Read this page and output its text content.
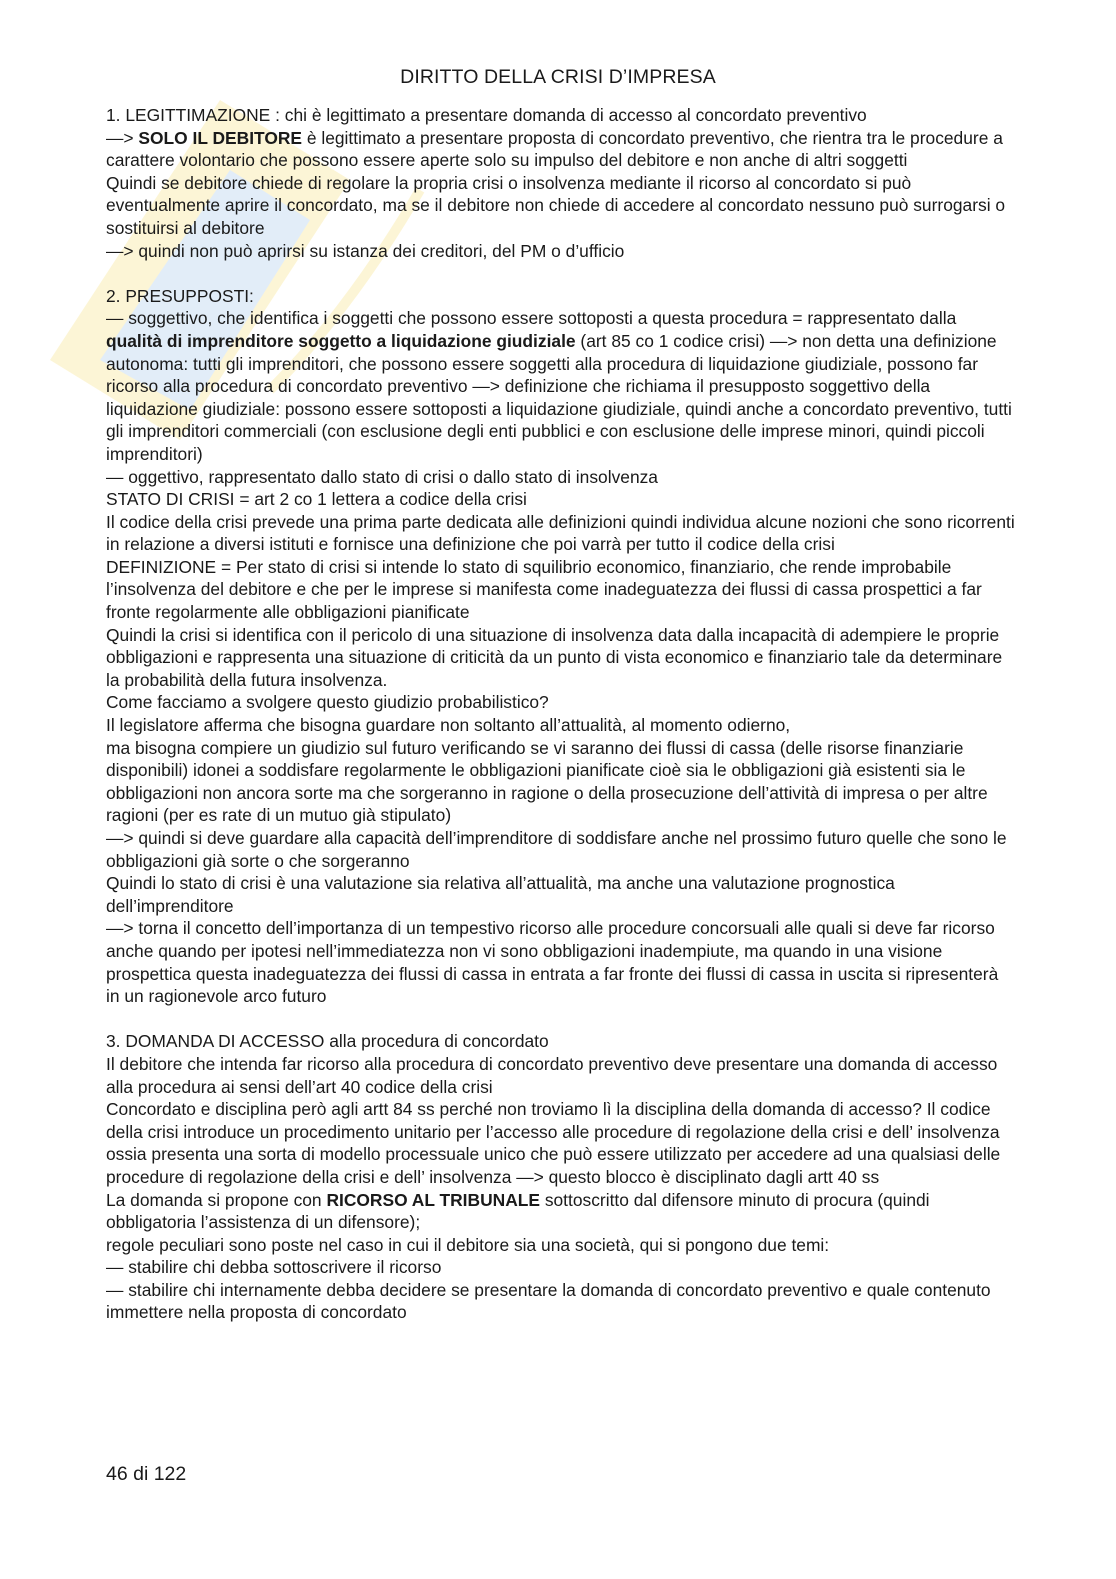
DIRITTO DELLA CRISI D’IMPRESA

1. LEGITTIMAZIONE : chi è legittimato a presentare domanda di accesso al concordato preventivo

—> SOLO IL DEBITORE è legittimato a presentare proposta di concordato preventivo, che rientra tra le procedure a carattere volontario che possono essere aperte solo su impulso del debitore e non anche di altri soggetti

Quindi se debitore chiede di regolare la propria crisi o insolvenza mediante il ricorso al concordato si può eventualmente aprire il concordato, ma se il debitore non chiede di accedere al concordato nessuno può surrogarsi o sostituirsi al debitore

—> quindi non può aprirsi su istanza dei creditori, del PM o d’ufficio

2. PRESUPPOSTI:

— soggettivo, che identifica i soggetti che possono essere sottoposti a questa procedura = rappresentato dalla qualità di imprenditore soggetto a liquidazione giudiziale (art 85 co 1 codice crisi) —> non detta una definizione autonoma: tutti gli imprenditori, che possono essere soggetti alla procedura di liquidazione giudiziale, possono far ricorso alla procedura di concordato preventivo —> definizione che richiama il presupposto soggettivo della liquidazione giudiziale: possono essere sottoposti a liquidazione giudiziale, quindi anche a concordato preventivo, tutti gli imprenditori commerciali (con esclusione degli enti pubblici e con esclusione delle imprese minori, quindi piccoli imprenditori)

— oggettivo, rappresentato dallo stato di crisi o dallo stato di insolvenza

STATO DI CRISI = art 2 co 1 lettera a codice della crisi

Il codice della crisi prevede una prima parte dedicata alle definizioni quindi individua alcune nozioni che sono ricorrenti in relazione a diversi istituti e fornisce una definizione che poi varrà per tutto il codice della crisi

DEFINIZIONE = Per stato di crisi si intende lo stato di squilibrio economico, finanziario, che rende improbabile l’insolvenza del debitore e che per le imprese si manifesta come inadeguatezza dei flussi di cassa prospettici a far fronte regolarmente alle obbligazioni pianificate

Quindi la crisi si identifica con il pericolo di una situazione di insolvenza data dalla incapacità di adempiere le proprie obbligazioni e rappresenta una situazione di criticità da un punto di vista economico e finanziario tale da determinare la probabilità della futura insolvenza.

Come facciamo a svolgere questo giudizio probabilistico?

Il legislatore afferma che bisogna guardare non soltanto all’attualità, al momento odierno,

ma bisogna compiere un giudizio sul futuro verificando se vi saranno dei flussi di cassa (delle risorse finanziarie disponibili) idonei a soddisfare regolarmente le obbligazioni pianificate cioè sia le obbligazioni già esistenti sia le obbligazioni non ancora sorte ma che sorgeranno in ragione o della prosecuzione dell’attività di impresa o per altre ragioni (per es rate di un mutuo già stipulato)

—> quindi si deve guardare alla capacità dell’imprenditore di soddisfare anche nel prossimo futuro quelle che sono le obbligazioni già sorte o che sorgeranno

Quindi lo stato di crisi è una valutazione sia relativa all’attualità, ma anche una valutazione prognostica dell’imprenditore

—> torna il concetto dell’importanza di un tempestivo ricorso alle procedure concorsuali alle quali si deve far ricorso anche quando per ipotesi nell’immediatezza non vi sono obbligazioni inadempiute, ma quando in una visione prospettica questa inadeguatezza dei flussi di cassa in entrata a far fronte dei flussi di cassa in uscita si ripresenterà in un ragionevole arco futuro

3. DOMANDA DI ACCESSO alla procedura di concordato

Il debitore che intenda far ricorso alla procedura di concordato preventivo deve presentare una domanda di accesso alla procedura ai sensi dell’art 40 codice della crisi

Concordato e disciplina però agli artt 84 ss perché non troviamo lì la disciplina della domanda di accesso? Il codice della crisi introduce un procedimento unitario per l’accesso alle procedure di regolazione della crisi e dell’ insolvenza ossia presenta una sorta di modello processuale unico che può essere utilizzato per accedere ad una qualsiasi delle procedure di regolazione della crisi e dell’ insolvenza —> questo blocco è disciplinato dagli artt 40 ss

La domanda si propone con RICORSO AL TRIBUNALE sottoscritto dal difensore minuto di procura (quindi obbligatoria l’assistenza di un difensore);

regole peculiari sono poste nel caso in cui il debitore sia una società, qui si pongono due temi:

— stabilire chi debba sottoscrivere il ricorso

— stabilire chi internamente debba decidere se presentare la domanda di concordato preventivo e quale contenuto immettere nella proposta di concordato

46 di 122
